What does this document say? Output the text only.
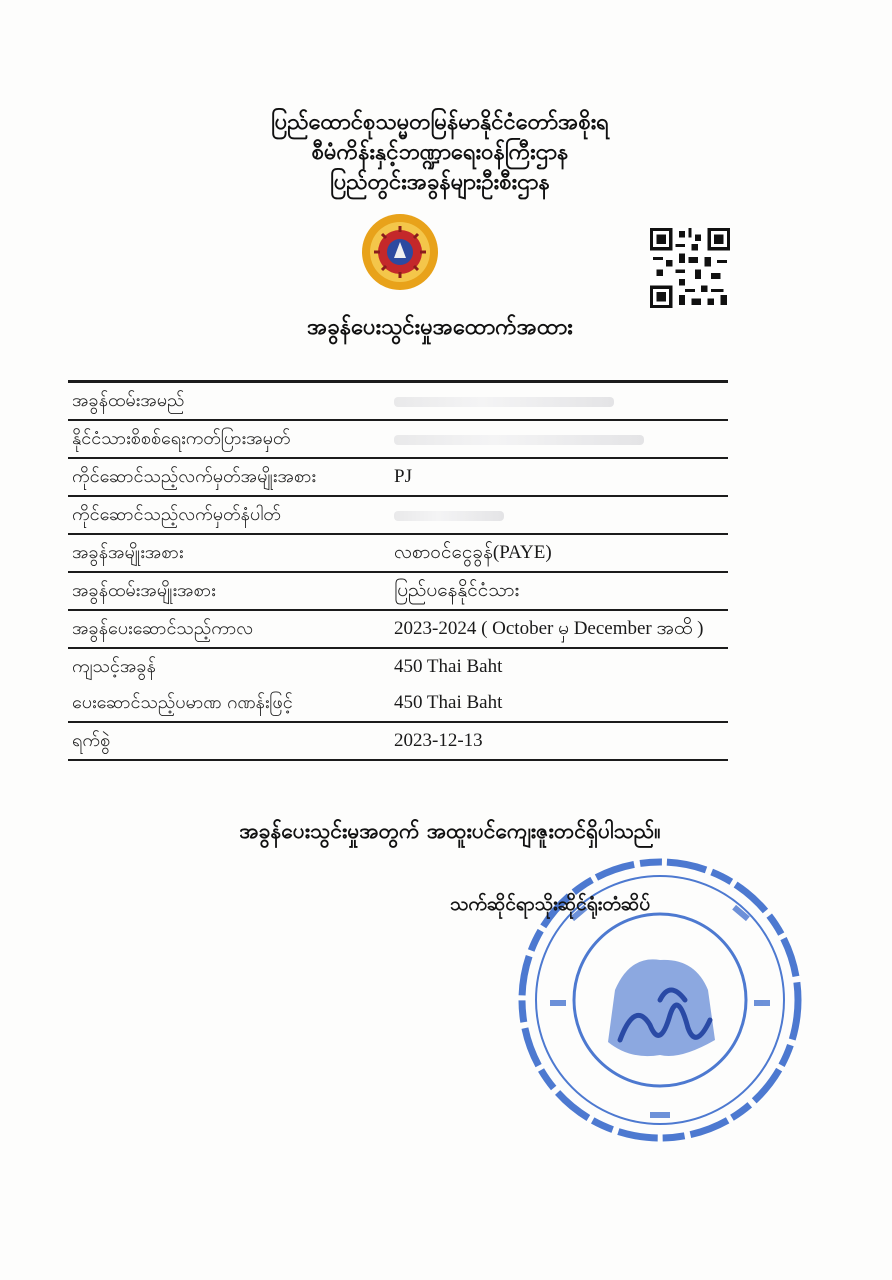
ပြည်ထောင်စုသမ္မတမြန်မာနိုင်ငံတော်အစိုးရ
စီမံကိန်းနှင့်ဘဏ္ဍာရေးဝန်ကြီးဌာန
ပြည်တွင်းအခွန်များဦးစီးဌာန
အခွန်ပေးသွင်းမှုအထောက်အထား
အခွန်ထမ်းအမည်
နိုင်ငံသားစိစစ်ရေးကတ်ပြားအမှတ်
ကိုင်ဆောင်သည့်လက်မှတ်အမျိုးအစား	PJ
ကိုင်ဆောင်သည့်လက်မှတ်နံပါတ်
အခွန်အမျိုးအစား	လစာဝင်ငွေခွန်(PAYE)
အခွန်ထမ်းအမျိုးအစား	ပြည်ပနေနိုင်ငံသား
အခွန်ပေးဆောင်သည့်ကာလ	2023-2024 ( October မှ December အထိ )
ကျသင့်အခွန်	450 Thai Baht
ပေးဆောင်သည့်ပမာဏ ဂဏန်းဖြင့်	450 Thai Baht
ရက်စွဲ	2023-12-13
အခွန်ပေးသွင်းမှုအတွက် အထူးပင်ကျေးဇူးတင်ရှိပါသည်။
သက်ဆိုင်ရာသိုးဆိုင်ရုံးတံဆိပ်
